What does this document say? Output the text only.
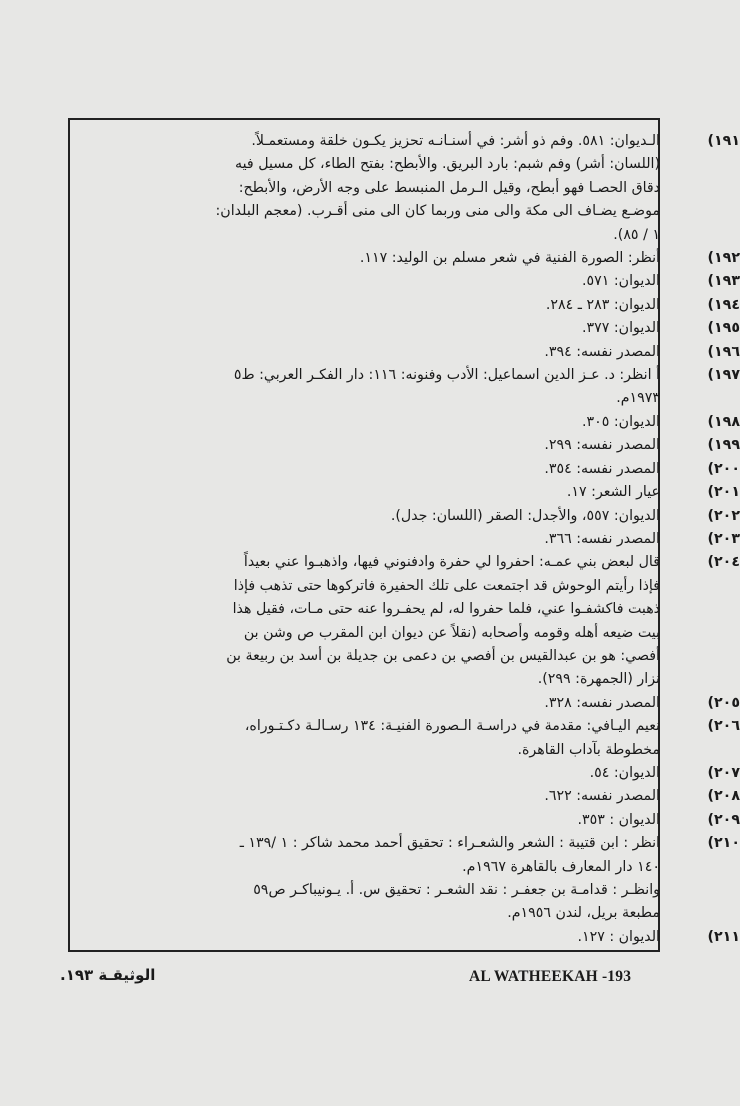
١٩١)
الـديوان: ٥٨١. وفم ذو أشر: في أسنـانـه تحزيز يكـون خلقة ومستعمـلاً.
(اللسان: أشر) وفم شبم: بارد البريق. والأبطح: بفتح الطاء، كل مسيل فيه
دقاق الحصـا فهو أبطح، وقيل الـرمل المنبسط على وجه الأرض، والأبطح:
موضـع يضـاف الى مكة والى منى وربما كان الى منى أقـرب. (معجم البلدان:
١ / ٨٥).
١٩٢)
أنظر: الصورة الفنية في شعر مسلم بن الوليد: ١١٧.
١٩٣)
الديوان: ٥٧١.
١٩٤)
الديوان: ٢٨٣ ـ ٢٨٤.
١٩٥)
الديوان: ٣٧٧.
١٩٦)
المصدر نفسه: ٣٩٤.
١٩٧)
أ انظر: د. عـز الدين اسماعيل: الأدب وفنونه: ١١٦: دار الفكـر العربي: ط٥
١٩٧٣م.
١٩٨)
الديوان: ٣٠٥.
١٩٩)
المصدر نفسه: ٢٩٩.
٢٠٠)
المصدر نفسه: ٣٥٤.
٢٠١)
عيار الشعر: ١٧.
٢٠٢)
الديوان: ٥٥٧، والأجدل: الصقر (اللسان: جدل).
٢٠٣)
المصدر نفسه: ٣٦٦.
٢٠٤)
قال لبعض بني عمـه: احفروا لي حفرة وادفنوني فيها، واذهبـوا عني بعيداً
فإذا رأيتم الوحوش قد اجتمعت على تلك الحفيرة فاتركوها حتى تذهب فإذا
ذهبت فاكشفـوا عني، فلما حفروا له، لم يحفـروا عنه حتى مـات، فقيل هذا
بيت ضيعه أهله وقومه وأصحابه (نقلاً عن ديوان ابن المقرب ص وشن بن
أفصي: هو بن عبدالقيس بن أفصي بن دعمى بن جديلة بن أسد بن ربيعة بن
نزار (الجمهرة: ٢٩٩).
٢٠٥)
المصدر نفسه: ٣٢٨.
٢٠٦)
نعيم اليـافي: مقدمة في دراسـة الـصورة الفنيـة: ١٣٤ رسـالـة دكـتـوراه،
مخطوطة بآداب القاهرة.
٢٠٧)
الديوان: ٥٤.
٢٠٨)
المصدر نفسه: ٦٢٢.
٢٠٩)
الديوان : ٣٥٣.
٢١٠)
انظر : ابن قتيبة : الشعر والشعـراء : تحقيق أحمد محمد شاكر : ١ /١٣٩ ـ
١٤٠ دار المعارف بالقاهرة ١٩٦٧م.
وانظـر : قدامـة بن جعفـر : نقد الشعـر : تحقيق س. أ. يـونيباكـر ص٥٩
مطبعة بريل، لندن ١٩٥٦م.
٢١١)
الديوان : ١٢٧.
AL WATHEEKAH -193
الوثيقـة ١٩٣.
